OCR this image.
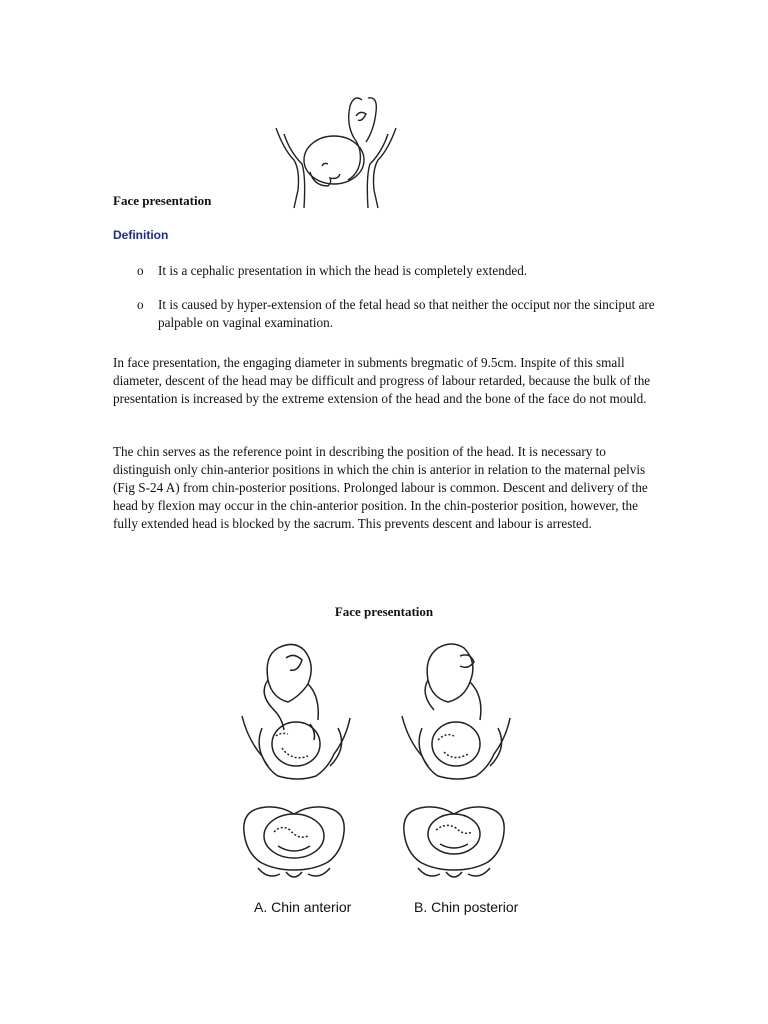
Face presentation
Definition
o It is a cephalic presentation in which the head is completely extended.
o It is caused by hyper-extension of the fetal head so that neither the occiput nor the sinciput are palpable on vaginal examination.

In face presentation, the engaging diameter in subments bregmatic of 9.5cm. Inspite of this small diameter, descent of the head may be difficult and progress of labour retarded, because the bulk of the presentation is increased by the extreme extension of the head and the bone of the face do not mould.

The chin serves as the reference point in describing the position of the head. It is necessary to distinguish only chin-anterior positions in which the chin is anterior in relation to the maternal pelvis (Fig S-24 A) from chin-posterior positions. Prolonged labour is common. Descent and delivery of the head by flexion may occur in the chin-anterior position. In the chin-posterior position, however, the fully extended head is blocked by the sacrum. This prevents descent and labour is arrested.

Face presentation
A. Chin anterior	B. Chin posterior
